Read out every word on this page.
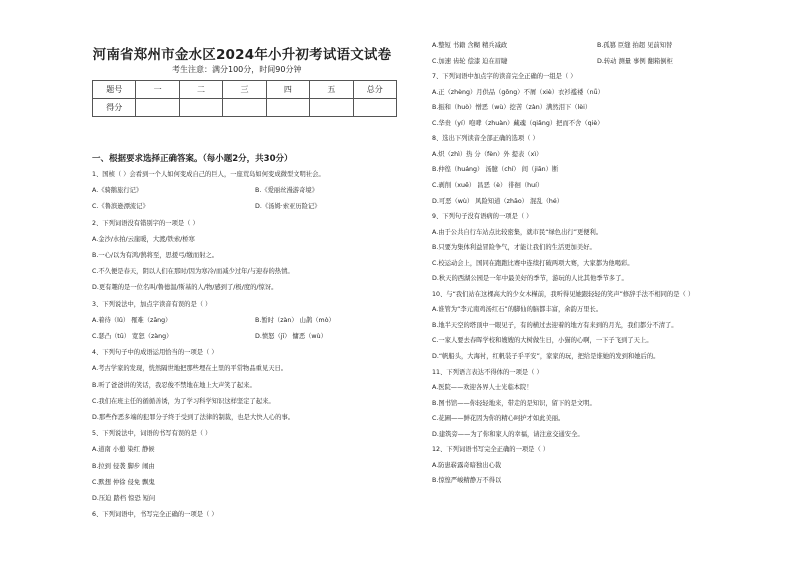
河南省郑州市金水区2024年小升初考试语文试卷
考生注意：满分100分，时间90分钟
题号	一	二	三	四	五	总分
得分						
一、根据要求选择正确答案。（每小题2分，共30分）
1、国桢（ ）会看到一个人如何变成自己的巨人，一座荒岛如何变成微型文明社会。
A.《骑鹅旅行记》
C.《鲁滨逊漂流记》
2、下列词语没有错别字的一项是（ ）
A.金沙/水拍/云崖暖，大渡/铁索/桥寒
B.一心/以为有鸿/鹄将至，思援弓/缴而射之。
C.不久便是春天，阴以人们在那时/因为寒冷/而减少过年/与迎春的热情。
D.更有趣的是一位名叫/鲁德温/斯基的人/物/感到了/极/度的/惊讶。
3、下列说法中，加点字读音有误的是（ ）
A.着待（lǔ） 罹难（zāng）
C.瑟凸（tū） 宽恕（zàng）
4、下列句子中的成语运用恰当的一项是（ ）
A.考古学家的发现，恍然隔世地把那些埋在土里的平常物品重见天日。
B.听了爸爸讲的笑话，我忍俊不禁地在地上大声笑了起来。
C.我们在班主任的循循善诱，为了学习科学知识这样坚定了起来。
D.那些作恶多端的犯罪分子终于受到了法律的制裁，也是大快人心的事。
5、下列说法中，词语的书写有误的是（ ）
A.道南 小憩 染红 静候
B.拉到 侵袭 脚步 闹由
C.默想 仲徐 侵免 飘鬼
D.压迫 踏档 惊恐 短问
6、下列词语中，书写完全正确的一项是（ ）
B.《爱丽丝漫游奇境》
D.《汤姆·索亚历险记》
B.暂时（zàn） 山鹊（mò）
D.愤怒（jī） 慵恶（wù）
A.整短 书籍 含糊 精兵减政
C.加速 齿轮 偿漆 迫在眉睫
7、下列词语中加点字的读音完全正确的一组是（ ）
A.正（zhèng）月供品（gōng）不屑（xiè）衣衫褴褛（nǚ）
B.振和（huò）憎恶（wù）挖苦（zàn）满然泪下（lèi）
C.华贵（yí）咆哮（zhuàn）藏魂（qiǎng）把而不舍（qiè）
8、选出下列读音全部正确的选项（ ）
A.炽（zhì）热 分（fèn）外 提表（xì）
B.仲徨（huáng） 汤臆（chí） 间（jiān）断
C.剥削（xuē） 昌恶（è） 徘徊（huí）
D.可恶（wù） 风险知道（zhāo） 混乱（hé）
9、下列句子没有语病的一项是（ ）
A.由于公共自行车站点比较密集，就市民“绿色出行”更便利。
B.只要为集体利益冒险争气，才能让我们的生活更加美好。
C.校运动会上，国同在跑跑比赛中连续打破两项大赛，大家都为他喝彩。
D.秋天的西湖公园是一年中最美好的季节，游玩的人比其他季节多了。
10、与“我们站在这棵高大的少女木槿前，我听得见她跟轻轻的笑声”修辞手法不相同的是（ ）
A.谁管为“李元南鸡汤红石”的脚仙的脑都丰富，余韵万里长。
B.地半天空的塔顶中一眼见子，有的横过去迎着的地方有来到的月光，我们都分不清了。
C.一家人要去春晖学校和嫂嫂的大树做生日，小猫的心啊，一下子飞到了天上。
D.“帆船头，大海衬，红帆装子乎平安”，家家的玩，把给是谁她的发到和她后的。
11、下列语言表达不得体的一项是（ ）
A.医院——欢迎各界人士光临本院！
B.图书馆——你轻轻地来，带走的是知识，留下的是文明。
C.花圃——鲜花因为你的精心呵护才如此美丽。
D.建筑旁——为了你和家人的幸福，请注意交通安全。
12、下列词语书写完全正确的一项是（ ）
A.防患崭露奇暗独出心裁
B.惊惶严峻精静万不得以
B.孤篡 臣缝 拍超 见前知替
D.转动 测量 事例 翻箱倒柜
